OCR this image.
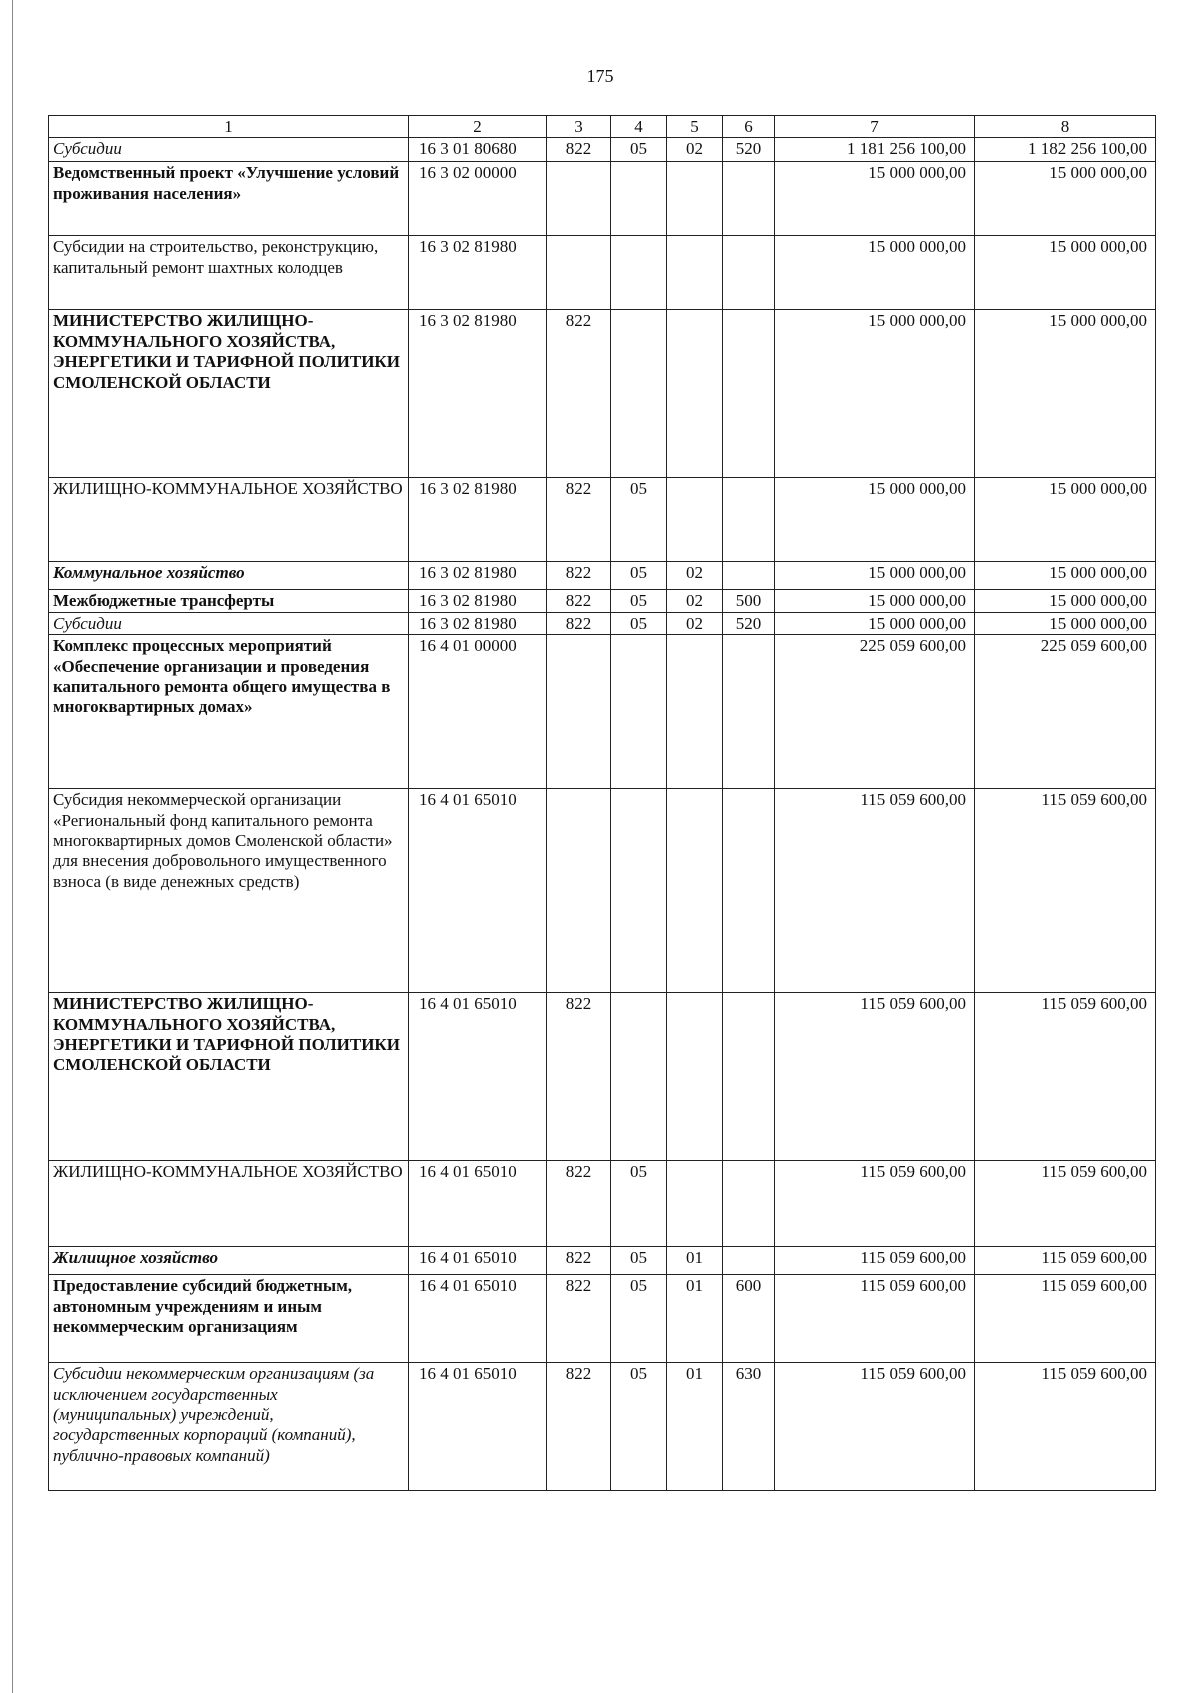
175
1	2	3	4	5	6	7	8
Субсидии	16 3 01 80680	822	05	02	520	1 181 256 100,00	1 182 256 100,00
Ведомственный проект «Улучшение условий проживания населения»	16 3 02 00000					15 000 000,00	15 000 000,00
Субсидии на строительство, реконструкцию, капитальный ремонт шахтных колодцев	16 3 02 81980					15 000 000,00	15 000 000,00
МИНИСТЕРСТВО ЖИЛИЩНО-КОММУНАЛЬНОГО ХОЗЯЙСТВА, ЭНЕРГЕТИКИ И ТАРИФНОЙ ПОЛИТИКИ СМОЛЕНСКОЙ ОБЛАСТИ	16 3 02 81980	822				15 000 000,00	15 000 000,00
ЖИЛИЩНО-КОММУНАЛЬНОЕ ХОЗЯЙСТВО	16 3 02 81980	822	05			15 000 000,00	15 000 000,00
Коммунальное хозяйство	16 3 02 81980	822	05	02		15 000 000,00	15 000 000,00
Межбюджетные трансферты	16 3 02 81980	822	05	02	500	15 000 000,00	15 000 000,00
Субсидии	16 3 02 81980	822	05	02	520	15 000 000,00	15 000 000,00
Комплекс процессных мероприятий «Обеспечение организации и проведения капитального ремонта общего имущества в многоквартирных домах»	16 4 01 00000					225 059 600,00	225 059 600,00
Субсидия некоммерческой организации «Региональный фонд капитального ремонта многоквартирных домов Смоленской области» для внесения добровольного имущественного взноса (в виде денежных средств)	16 4 01 65010					115 059 600,00	115 059 600,00
МИНИСТЕРСТВО ЖИЛИЩНО-КОММУНАЛЬНОГО ХОЗЯЙСТВА, ЭНЕРГЕТИКИ И ТАРИФНОЙ ПОЛИТИКИ СМОЛЕНСКОЙ ОБЛАСТИ	16 4 01 65010	822				115 059 600,00	115 059 600,00
ЖИЛИЩНО-КОММУНАЛЬНОЕ ХОЗЯЙСТВО	16 4 01 65010	822	05			115 059 600,00	115 059 600,00
Жилищное хозяйство	16 4 01 65010	822	05	01		115 059 600,00	115 059 600,00
Предоставление субсидий бюджетным, автономным учреждениям и иным некоммерческим организациям	16 4 01 65010	822	05	01	600	115 059 600,00	115 059 600,00
Субсидии некоммерческим организациям (за исключением государственных (муниципальных) учреждений, государственных корпораций (компаний), публично-правовых компаний)	16 4 01 65010	822	05	01	630	115 059 600,00	115 059 600,00
